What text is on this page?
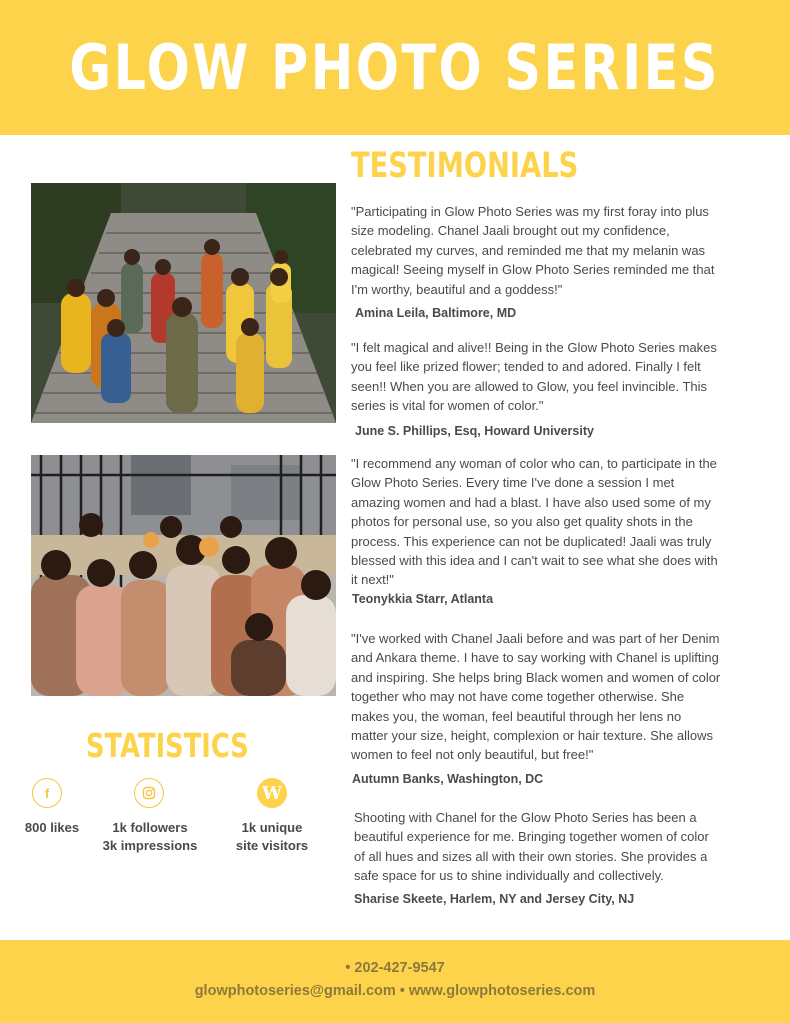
GLOW PHOTO SERIES
TESTIMONIALS
"Participating in Glow Photo Series was my first foray into plus size modeling. Chanel Jaali brought out my confidence, celebrated my curves, and reminded me that my melanin was magical! Seeing myself in Glow Photo Series reminded me that I'm worthy, beautiful and a goddess!"
Amina Leila, Baltimore, MD
"I felt magical and alive!! Being in the Glow Photo Series makes you feel like prized flower; tended to and adored. Finally I felt seen!! When you are allowed to Glow, you feel invincible. This series is vital for women of color."
June S. Phillips, Esq, Howard University
"I recommend any woman of color who can, to participate in the Glow Photo Series. Every time I've done a session I met amazing women and had a blast. I have also used some of my photos for personal use, so you also get quality shots in the process. This experience can not be duplicated! Jaali was truly blessed with this idea and I can't wait to see what she does with it next!"
Teonykkia Starr, Atlanta
"I've worked with Chanel Jaali before and was part of her Denim and Ankara theme. I have to say working with Chanel is uplifting and inspiring. She helps bring Black women and women of color together who may not have come together otherwise. She makes you, the woman, feel beautiful through her lens no matter your size, height, complexion or hair texture. She allows women to feel not only beautiful, but free!"
Autumn Banks, Washington, DC
Shooting with Chanel for the Glow Photo Series has been a beautiful experience for me. Bringing together women of color of all hues and sizes all with their own stories. She provides a safe space for us to shine individually and collectively.
Sharise Skeete, Harlem, NY and Jersey City, NJ
STATISTICS
f
800 likes	1k followers
3k impressions
W
1k unique
site visitors
• 202-427-9547
glowphotoseries@gmail.com • www.glowphotoseries.com
